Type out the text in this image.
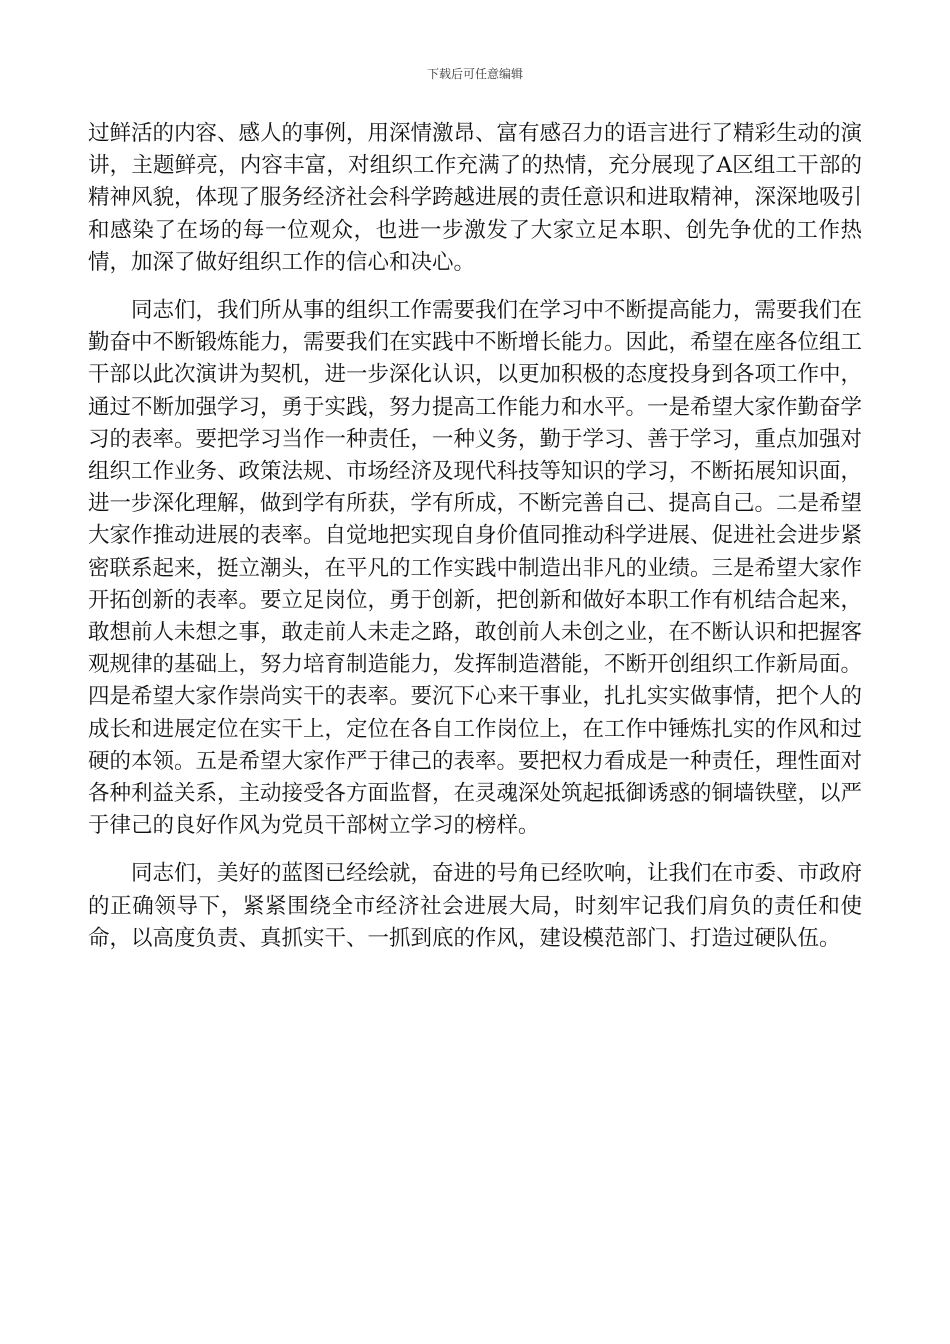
下载后可任意编辑

过鲜活的内容、感人的事例，用深情激昂、富有感召力的语言进行了精彩生动的演讲，主题鲜亮，内容丰富，对组织工作充满了的热情，充分展现了A区组工干部的精神风貌，体现了服务经济社会科学跨越进展的责任意识和进取精神，深深地吸引和感染了在场的每一位观众，也进一步激发了大家立足本职、创先争优的工作热情，加深了做好组织工作的信心和决心。

同志们，我们所从事的组织工作需要我们在学习中不断提高能力，需要我们在勤奋中不断锻炼能力，需要我们在实践中不断增长能力。因此，希望在座各位组工干部以此次演讲为契机，进一步深化认识，以更加积极的态度投身到各项工作中，通过不断加强学习，勇于实践，努力提高工作能力和水平。一是希望大家作勤奋学习的表率。要把学习当作一种责任，一种义务，勤于学习、善于学习，重点加强对组织工作业务、政策法规、市场经济及现代科技等知识的学习，不断拓展知识面，进一步深化理解，做到学有所获，学有所成，不断完善自己、提高自己。二是希望大家作推动进展的表率。自觉地把实现自身价值同推动科学进展、促进社会进步紧密联系起来，挺立潮头，在平凡的工作实践中制造出非凡的业绩。三是希望大家作开拓创新的表率。要立足岗位，勇于创新，把创新和做好本职工作有机结合起来，敢想前人未想之事，敢走前人未走之路，敢创前人未创之业，在不断认识和把握客观规律的基础上，努力培育制造能力，发挥制造潜能，不断开创组织工作新局面。四是希望大家作崇尚实干的表率。要沉下心来干事业，扎扎实实做事情，把个人的成长和进展定位在实干上，定位在各自工作岗位上，在工作中锤炼扎实的作风和过硬的本领。五是希望大家作严于律己的表率。要把权力看成是一种责任，理性面对各种利益关系，主动接受各方面监督，在灵魂深处筑起抵御诱惑的铜墙铁壁，以严于律己的良好作风为党员干部树立学习的榜样。

同志们，美好的蓝图已经绘就，奋进的号角已经吹响，让我们在市委、市政府的正确领导下，紧紧围绕全市经济社会进展大局，时刻牢记我们肩负的责任和使命，以高度负责、真抓实干、一抓到底的作风，建设模范部门、打造过硬队伍。
